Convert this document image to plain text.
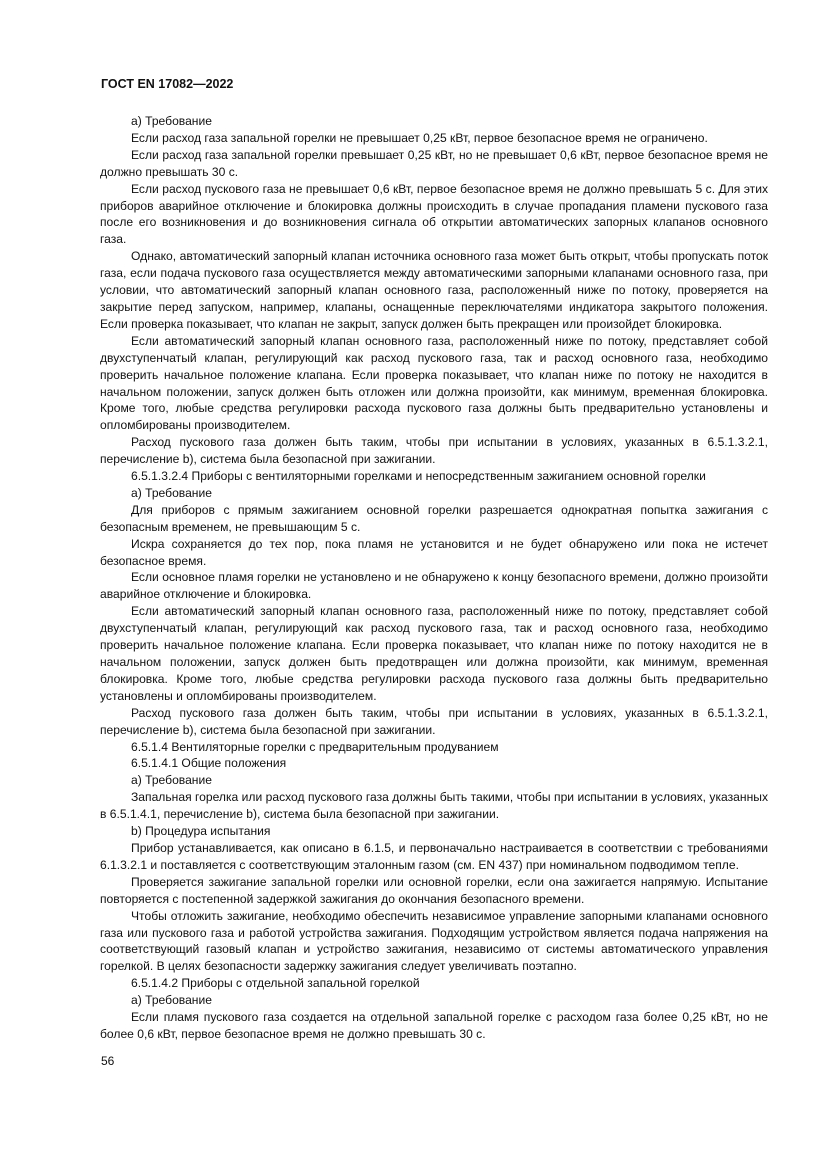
ГОСТ EN 17082—2022

а) Требование

Если расход газа запальной горелки не превышает 0,25 кВт, первое безопасное время не ограничено.

Если расход газа запальной горелки превышает 0,25 кВт, но не превышает 0,6 кВт, первое безопасное время не должно превышать 30 с.

Если расход пускового газа не превышает 0,6 кВт, первое безопасное время не должно превышать 5 с. Для этих приборов аварийное отключение и блокировка должны происходить в случае пропадания пламени пускового газа после его возникновения и до возникновения сигнала об открытии автоматических запорных клапанов основного газа.

Однако, автоматический запорный клапан источника основного газа может быть открыт, чтобы пропускать поток газа, если подача пускового газа осуществляется между автоматическими запорными клапанами основного газа, при условии, что автоматический запорный клапан основного газа, расположенный ниже по потоку, проверяется на закрытие перед запуском, например, клапаны, оснащенные переключателями индикатора закрытого положения. Если проверка показывает, что клапан не закрыт, запуск должен быть прекращен или произойдет блокировка.

Если автоматический запорный клапан основного газа, расположенный ниже по потоку, представляет собой двухступенчатый клапан, регулирующий как расход пускового газа, так и расход основного газа, необходимо проверить начальное положение клапана. Если проверка показывает, что клапан ниже по потоку не находится в начальном положении, запуск должен быть отложен или должна произойти, как минимум, временная блокировка. Кроме того, любые средства регулировки расхода пускового газа должны быть предварительно установлены и опломбированы производителем.

Расход пускового газа должен быть таким, чтобы при испытании в условиях, указанных в 6.5.1.3.2.1, перечисление b), система была безопасной при зажигании.

6.5.1.3.2.4 Приборы с вентиляторными горелками и непосредственным зажиганием основной горелки

а) Требование

Для приборов с прямым зажиганием основной горелки разрешается однократная попытка зажигания с безопасным временем, не превышающим 5 с.

Искра сохраняется до тех пор, пока пламя не установится и не будет обнаружено или пока не истечет безопасное время.

Если основное пламя горелки не установлено и не обнаружено к концу безопасного времени, должно произойти аварийное отключение и блокировка.

Если автоматический запорный клапан основного газа, расположенный ниже по потоку, представляет собой двухступенчатый клапан, регулирующий как расход пускового газа, так и расход основного газа, необходимо проверить начальное положение клапана. Если проверка показывает, что клапан ниже по потоку находится не в начальном положении, запуск должен быть предотвращен или должна произойти, как минимум, временная блокировка. Кроме того, любые средства регулировки расхода пускового газа должны быть предварительно установлены и опломбированы производителем.

Расход пускового газа должен быть таким, чтобы при испытании в условиях, указанных в 6.5.1.3.2.1, перечисление b), система была безопасной при зажигании.

6.5.1.4 Вентиляторные горелки с предварительным продуванием

6.5.1.4.1 Общие положения

а) Требование

Запальная горелка или расход пускового газа должны быть такими, чтобы при испытании в условиях, указанных в 6.5.1.4.1, перечисление b), система была безопасной при зажигании.

b) Процедура испытания

Прибор устанавливается, как описано в 6.1.5, и первоначально настраивается в соответствии с требованиями 6.1.3.2.1 и поставляется с соответствующим эталонным газом (см. EN 437) при номинальном подводимом тепле.

Проверяется зажигание запальной горелки или основной горелки, если она зажигается напрямую. Испытание повторяется с постепенной задержкой зажигания до окончания безопасного времени.

Чтобы отложить зажигание, необходимо обеспечить независимое управление запорными клапанами основного газа или пускового газа и работой устройства зажигания. Подходящим устройством является подача напряжения на соответствующий газовый клапан и устройство зажигания, независимо от системы автоматического управления горелкой. В целях безопасности задержку зажигания следует увеличивать поэтапно.

6.5.1.4.2 Приборы с отдельной запальной горелкой

а) Требование

Если пламя пускового газа создается на отдельной запальной горелке с расходом газа более 0,25 кВт, но не более 0,6 кВт, первое безопасное время не должно превышать 30 с.

56
